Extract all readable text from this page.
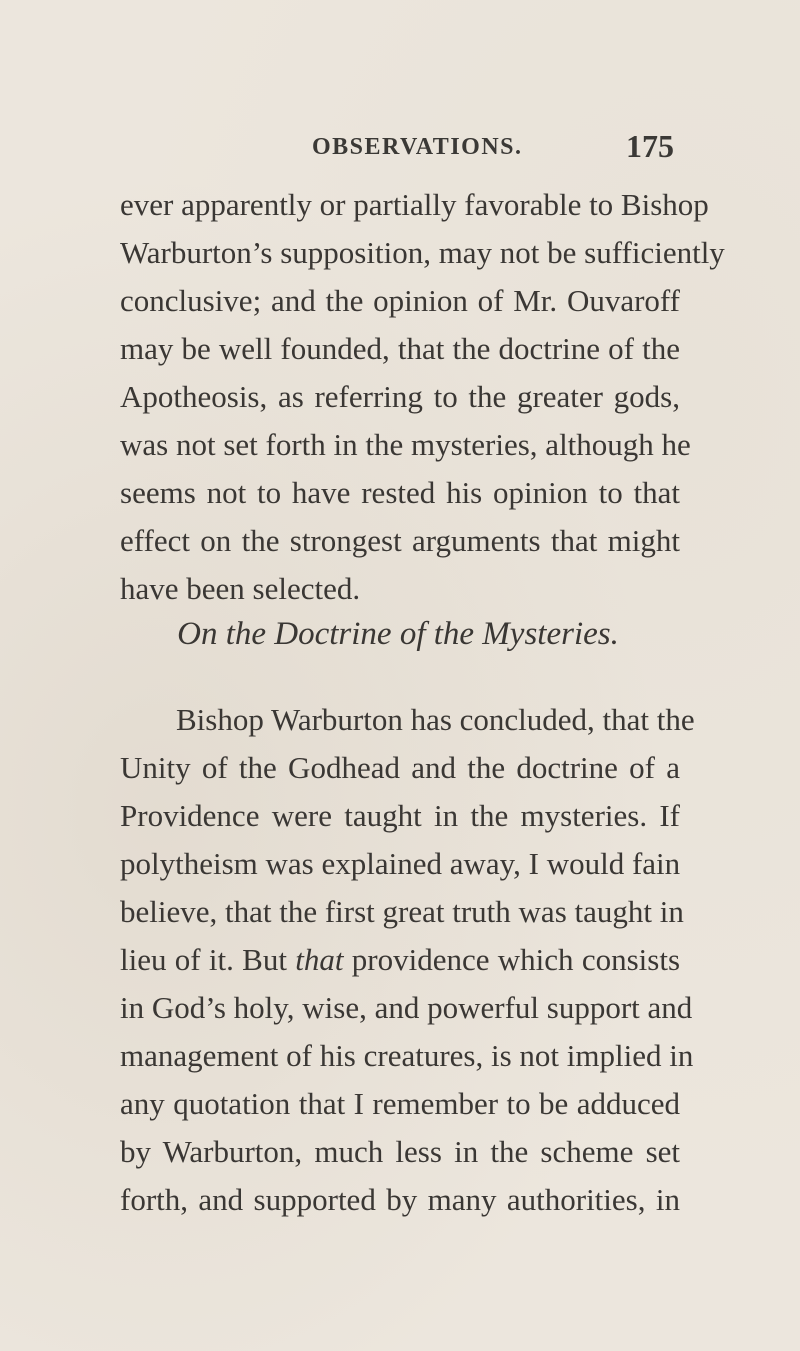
OBSERVATIONS.	175
ever apparently or partially favorable to Bishop
Warburton’s supposition, may not be sufficiently
conclusive; and the opinion of Mr. Ouvaroff
may be well founded, that the doctrine of the
Apotheosis, as referring to the greater gods,
was not set forth in the mysteries, although he
seems not to have rested his opinion to that
effect on the strongest arguments that might
have been selected.
On the Doctrine of the Mysteries.
Bishop Warburton has concluded, that the
Unity of the Godhead and the doctrine of a
Providence were taught in the mysteries. If
polytheism was explained away, I would fain
believe, that the first great truth was taught in
lieu of it. But that providence which consists
in God’s holy, wise, and powerful support and
management of his creatures, is not implied in
any quotation that I remember to be adduced
by Warburton, much less in the scheme set
forth, and supported by many authorities, in
